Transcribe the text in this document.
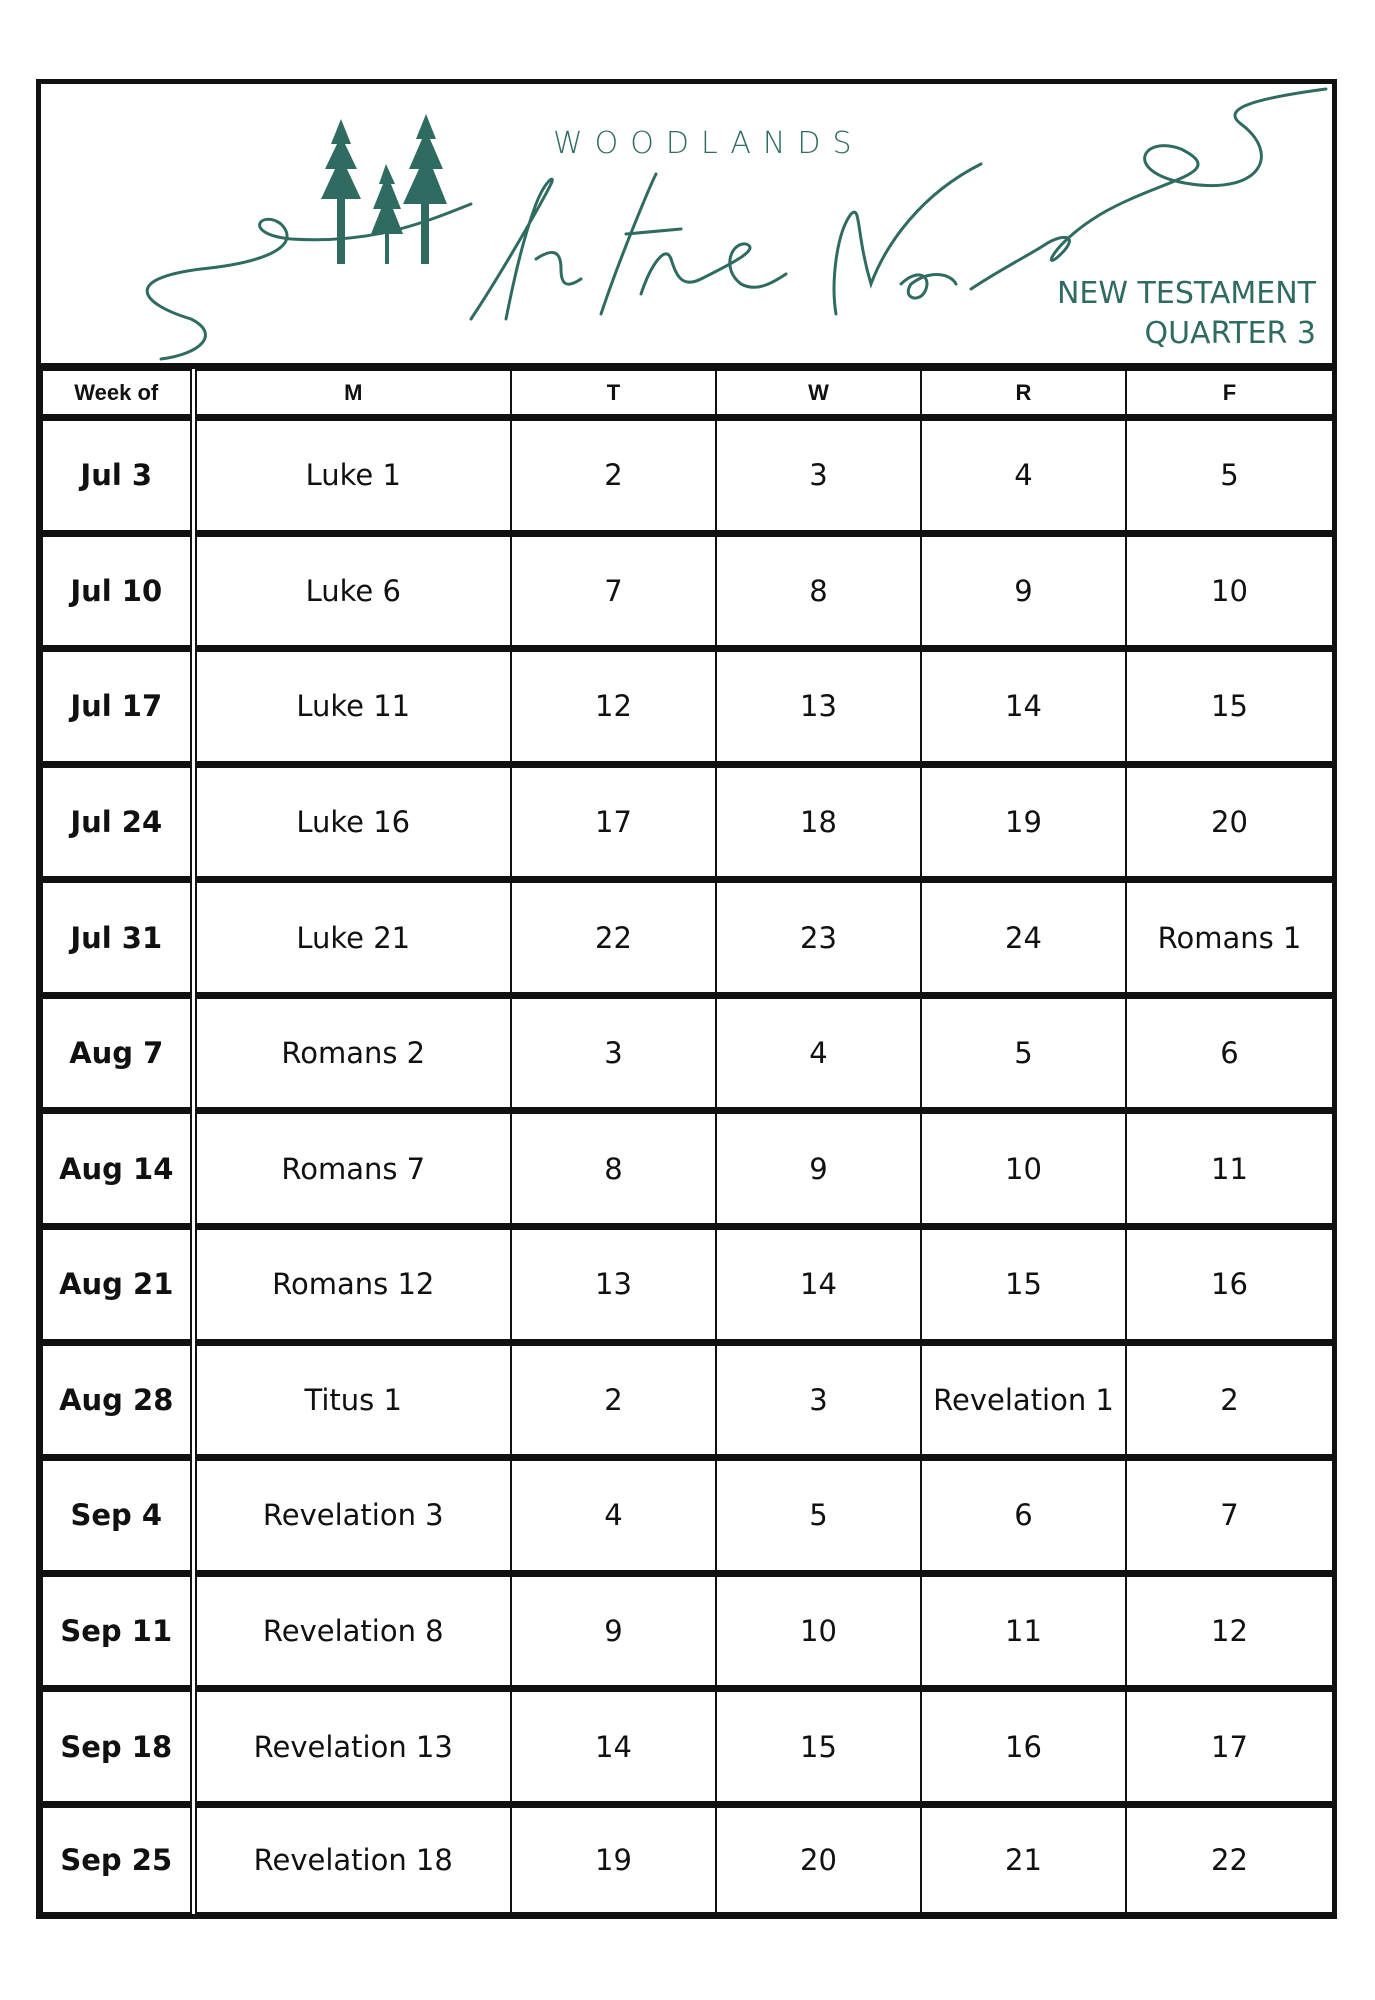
WOODLANDS
NEW TESTAMENT
QUARTER 3
Week of	M	T	W	R	F
Jul 3	Luke 1	2	3	4	5
Jul 10	Luke 6	7	8	9	10
Jul 17	Luke 11	12	13	14	15
Jul 24	Luke 16	17	18	19	20
Jul 31	Luke 21	22	23	24	Romans 1
Aug 7	Romans 2	3	4	5	6
Aug 14	Romans 7	8	9	10	11
Aug 21	Romans 12	13	14	15	16
Aug 28	Titus 1	2	3	Revelation 1	2
Sep 4	Revelation 3	4	5	6	7
Sep 11	Revelation 8	9	10	11	12
Sep 18	Revelation 13	14	15	16	17
Sep 25	Revelation 18	19	20	21	22
